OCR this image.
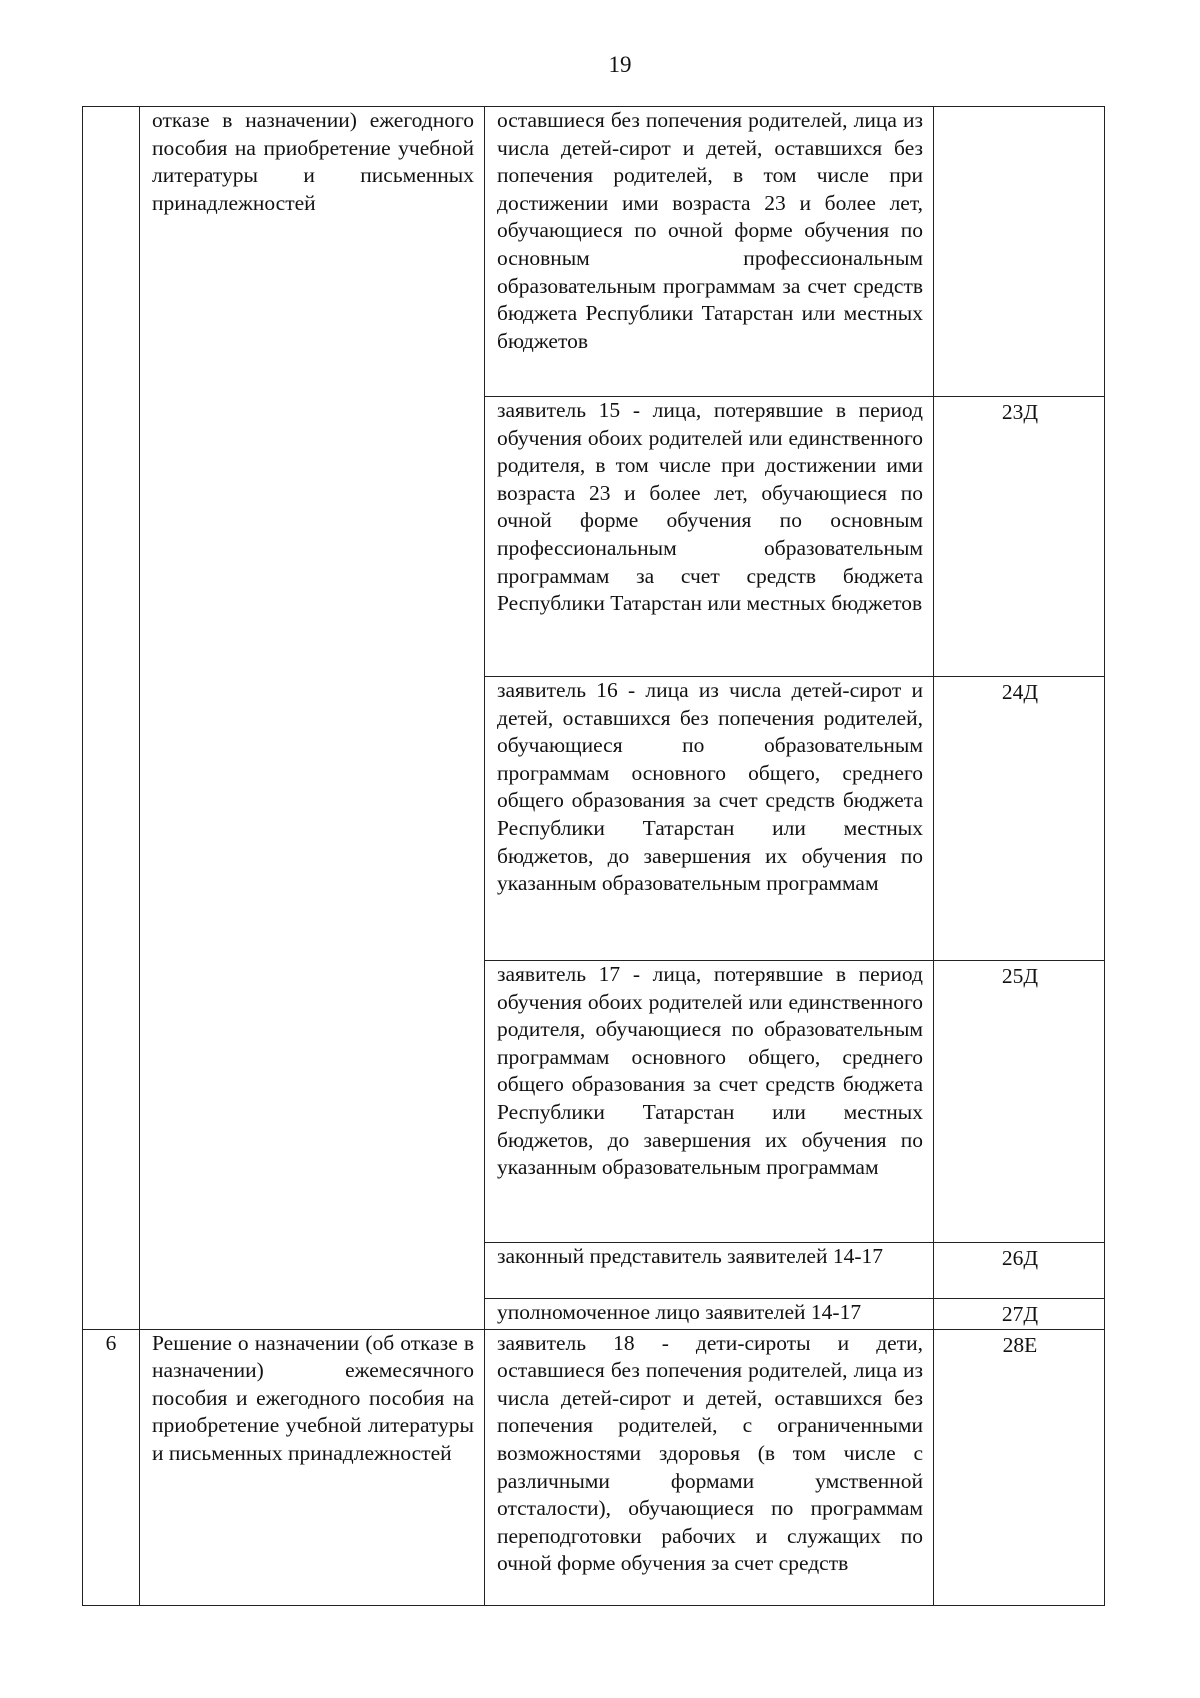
19
	отказе в назначении) ежегодного пособия на приобретение учебной литературы и письменных принадлежностей	оставшиеся без попечения родителей, лица из числа детей-сирот и детей, оставшихся без попечения родителей, в том числе при достижении ими возраста 23 и более лет, обучающиеся по очной форме обучения по основным профессиональным образовательным программам за счет средств бюджета Республики Татарстан или местных бюджетов	
		заявитель 15 - лица, потерявшие в период обучения обоих родителей или единственного родителя, в том числе при достижении ими возраста 23 и более лет, обучающиеся по очной форме обучения по основным профессиональным образовательным программам за счет средств бюджета Республики Татарстан или местных бюджетов	23Д
		заявитель 16 - лица из числа детей-сирот и детей, оставшихся без попечения родителей, обучающиеся по образовательным программам основного общего, среднего общего образования за счет средств бюджета Республики Татарстан или местных бюджетов, до завершения их обучения по указанным образовательным программам	24Д
		заявитель 17 - лица, потерявшие в период обучения обоих родителей или единственного родителя, обучающиеся по образовательным программам основного общего, среднего общего образования за счет средств бюджета Республики Татарстан или местных бюджетов, до завершения их обучения по указанным образовательным программам	25Д
		законный представитель заявителей 14-17	26Д
		уполномоченное лицо заявителей 14-17	27Д
6	Решение о назначении (об отказе в назначении) ежемесячного пособия и ежегодного пособия на приобретение учебной литературы и письменных принадлежностей	заявитель 18 - дети-сироты и дети, оставшиеся без попечения родителей, лица из числа детей-сирот и детей, оставшихся без попечения родителей, с ограниченными возможностями здоровья (в том числе с различными формами умственной отсталости), обучающиеся по программам переподготовки рабочих и служащих по очной форме обучения за счет средств	28Е
